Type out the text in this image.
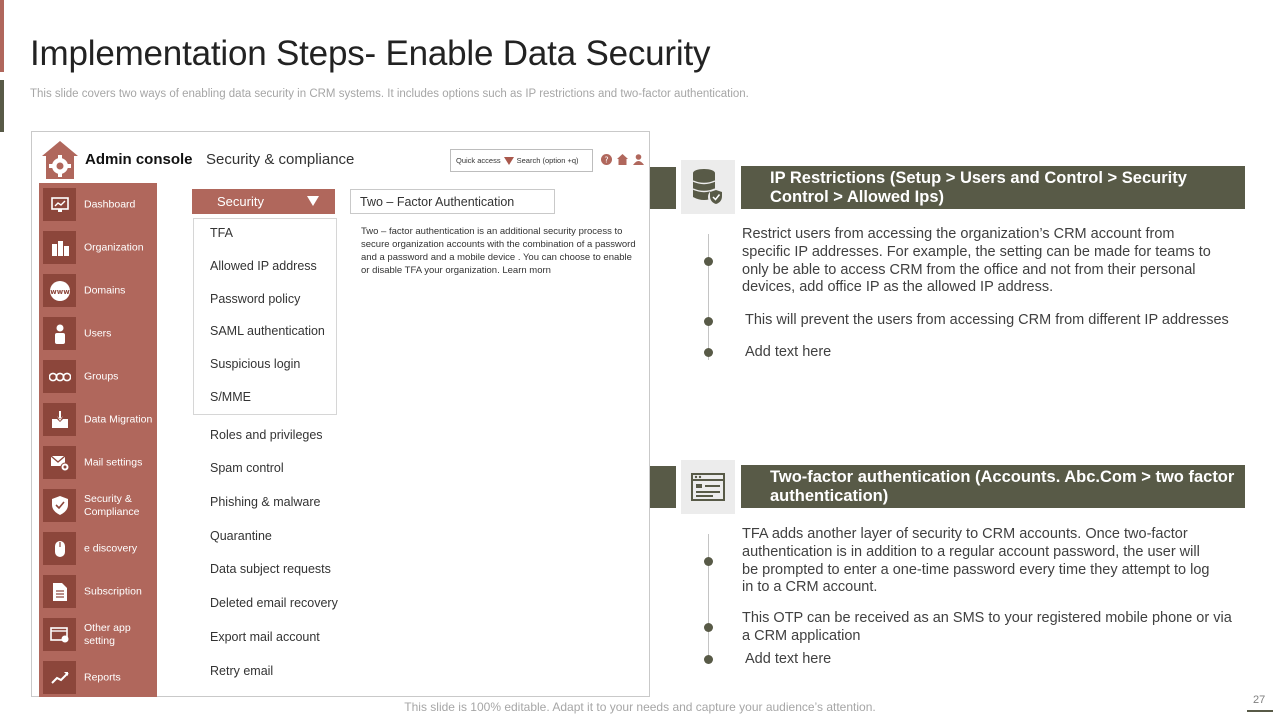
Implementation Steps- Enable Data Security
This slide covers two ways of enabling data security in CRM systems. It includes options such as IP restrictions and two-factor authentication.
Admin console Security & compliance	Quick access Search (option +q)	?
Dashboard
Organization
www Domains
Users
Groups
Data Migration
Mail settings
Security & Compliance
e discovery
Subscription
Other app setting
Reports
Security
TFA
Allowed IP address
Password policy
SAML authentication
Suspicious login
S/MME
Roles and privileges
Spam control
Phishing & malware
Quarantine
Data subject requests
Deleted email recovery
Export mail account
Retry email
Two – Factor Authentication
Two – factor authentication is an additional security process to secure organization accounts with the combination of a password and a password and a mobile device . You can choose to enable or disable TFA your organization. Learn morn
IP Restrictions (Setup > Users and Control > Security Control > Allowed Ips)
Restrict users from accessing the organization’s CRM account from specific IP addresses. For example, the setting can be made for teams to only be able to access CRM from the office and not from their personal devices, add office IP as the allowed IP address.
This will prevent the users from accessing CRM from different IP addresses
Add text here
Two-factor authentication (Accounts. Abc.Com > two factor authentication)
TFA adds another layer of security to CRM accounts. Once two-factor authentication is in addition to a regular account password, the user will be prompted to enter a one-time password every time they attempt to log in to a CRM account.
This OTP can be received as an SMS to your registered mobile phone or via a CRM application
Add text here
This slide is 100% editable. Adapt it to your needs and capture your audience’s attention.	27
